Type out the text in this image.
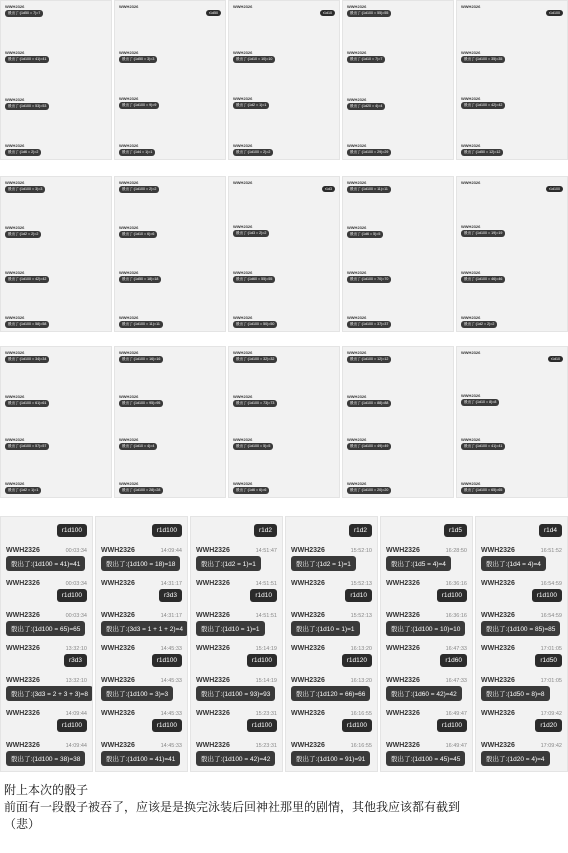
WWH2326
骰出了:(1d50 = 7)=7
WWH2326
骰出了:(1d100 = 41)=41
WWH2326
骰出了:(1d100 = 53)=53
WWH2326
骰出了:(1d6 = 2)=2
WWH2326
r1d50
WWH2326
骰出了:(1d50 = 3)=3
WWH2326
骰出了:(1d100 = 9)=9
WWH2326
骰出了:(1d4 = 1)=1
WWH2326
r1d10
WWH2326
骰出了:(1d10 = 10)=10
WWH2326
骰出了:(1d2 = 1)=1
WWH2326
骰出了:(1d100 = 2)=2
WWH2326
骰出了:(1d100 = 55)=55
WWH2326
骰出了:(1d10 = 7)=7
WWH2326
骰出了:(1d20 = 4)=4
WWH2326
骰出了:(1d100 = 29)=29
WWH2326
r1d100
WWH2326
骰出了:(1d100 = 35)=35
WWH2326
骰出了:(1d100 = 42)=42
WWH2326
骰出了:(1d50 = 12)=12
WWH2326
骰出了:(1d100 = 3)=3
WWH2326
骰出了:(1d2 = 2)=2
WWH2326
骰出了:(1d100 = 42)=42
WWH2326
骰出了:(1d100 = 58)=58
WWH2326
骰出了:(1d100 = 2)=2
WWH2326
骰出了:(1d10 = 6)=6
WWH2326
骰出了:(1d50 = 18)=18
WWH2326
骰出了:(1d100 = 11)=11
WWH2326
r1d3
WWH2326
骰出了:(1d3 = 2)=2
WWH2326
骰出了:(1d60 = 55)=55
WWH2326
骰出了:(1d100 = 50)=50
WWH2326
骰出了:(1d100 = 11)=11
WWH2326
骰出了:(1d6 = 5)=5
WWH2326
骰出了:(1d100 = 70)=70
WWH2326
骰出了:(1d100 = 37)=37
WWH2326
r1d100
WWH2326
骰出了:(1d100 = 19)=19
WWH2326
骰出了:(1d100 = 46)=46
WWH2326
骰出了:(1d2 = 2)=2
WWH2326
骰出了:(1d100 = 34)=34
WWH2326
骰出了:(1d100 = 61)=61
WWH2326
骰出了:(1d100 = 57)=57
WWH2326
骰出了:(1d2 = 1)=1
WWH2326
骰出了:(1d100 = 16)=16
WWH2326
骰出了:(1d100 = 95)=95
WWH2326
骰出了:(1d10 = 4)=4
WWH2326
骰出了:(1d100 = 28)=28
WWH2326
骰出了:(1d100 = 32)=32
WWH2326
骰出了:(1d100 = 73)=73
WWH2326
骰出了:(1d100 = 5)=5
WWH2326
骰出了:(1d6 = 6)=6
WWH2326
骰出了:(1d100 = 12)=12
WWH2326
骰出了:(1d100 = 88)=88
WWH2326
骰出了:(1d100 = 49)=49
WWH2326
骰出了:(1d100 = 20)=20
WWH2326
r1d10
WWH2326
骰出了:(1d10 = 8)=8
WWH2326
骰出了:(1d100 = 41)=41
WWH2326
骰出了:(1d100 = 65)=65
r1d100
WWH2326	00:03:34
骰出了:(1d100 = 41)=41
WWH2326	00:03:34
r1d100
WWH2326	00:03:34
骰出了:(1d100 = 65)=65
WWH2326	13:32:10
r3d3
WWH2326	13:32:10
骰出了:(3d3 = 2 + 3 + 3)=8
WWH2326	14:09:44
r1d100
WWH2326	14:09:44
骰出了:(1d100 = 38)=38
r1d100
WWH2326	14:09:44
骰出了:(1d100 = 18)=18
WWH2326	14:31:17
r3d3
WWH2326	14:31:17
骰出了:(3d3 = 1 + 1 + 2)=4
WWH2326	14:45:33
r1d100
WWH2326	14:45:33
骰出了:(1d100 = 3)=3
WWH2326	14:45:33
r1d100
WWH2326	14:45:33
骰出了:(1d100 = 41)=41
r1d2
WWH2326	14:51:47
骰出了:(1d2 = 1)=1
WWH2326	14:51:51
r1d10
WWH2326	14:51:51
骰出了:(1d10 = 1)=1
WWH2326	15:14:19
r1d100
WWH2326	15:14:19
骰出了:(1d100 = 93)=93
WWH2326	15:23:31
r1d100
WWH2326	15:23:31
骰出了:(1d100 = 42)=42
r1d2
WWH2326	15:52:10
骰出了:(1d2 = 1)=1
WWH2326	15:52:13
r1d10
WWH2326	15:52:13
骰出了:(1d10 = 1)=1
WWH2326	16:13:20
r1d120
WWH2326	16:13:20
骰出了:(1d120 = 66)=66
WWH2326	16:16:55
r1d100
WWH2326	16:16:55
骰出了:(1d100 = 91)=91
r1d5
WWH2326	16:28:50
骰出了:(1d5 = 4)=4
WWH2326	16:36:16
r1d100
WWH2326	16:36:16
骰出了:(1d100 = 10)=10
WWH2326	16:47:33
r1d60
WWH2326	16:47:33
骰出了:(1d60 = 42)=42
WWH2326	16:49:47
r1d100
WWH2326	16:49:47
骰出了:(1d100 = 45)=45
r1d4
WWH2326	16:51:52
骰出了:(1d4 = 4)=4
WWH2326	16:54:59
r1d100
WWH2326	16:54:59
骰出了:(1d100 = 85)=85
WWH2326	17:01:05
r1d50
WWH2326	17:01:05
骰出了:(1d50 = 8)=8
WWH2326	17:09:42
r1d20
WWH2326	17:09:42
骰出了:(1d20 = 4)=4
附上本次的骰子
前面有一段骰子被吞了，应该是是换完泳装后回神社那里的剧情，其他我应该都有截到
（悲）
